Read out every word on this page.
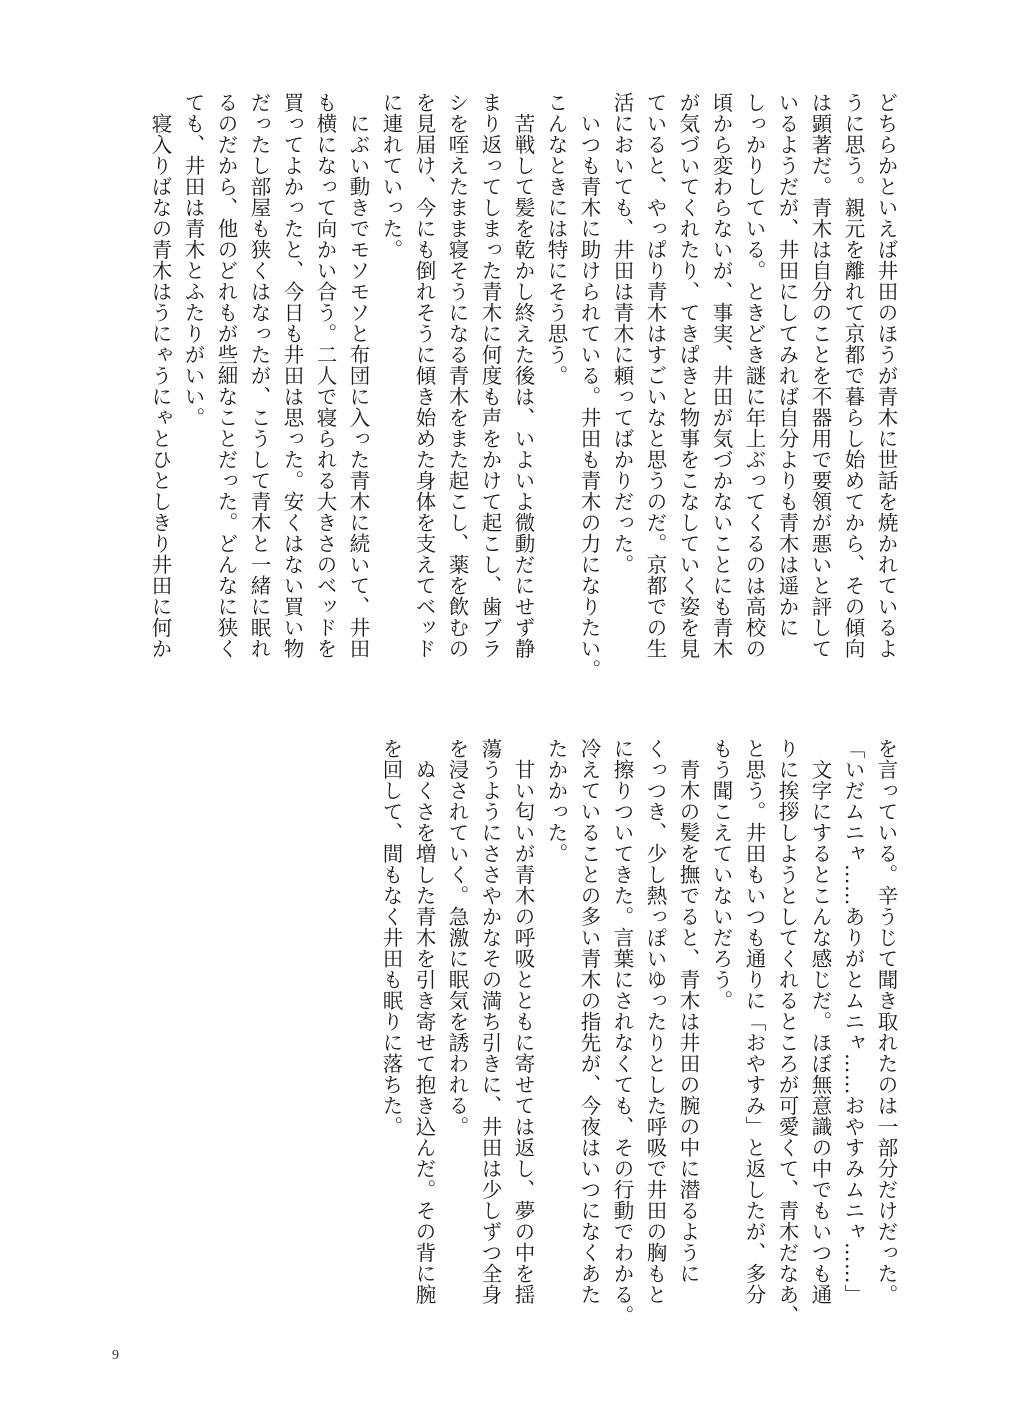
どちらかといえば井田のほうが青木に世話を焼かれているよ
うに思う。親元を離れて京都で暮らし始めてから、その傾向
は顕著だ。青木は自分のことを不器用で要領が悪いと評して
いるようだが、井田にしてみれば自分よりも青木は遥かに
しっかりしている。ときどき謎に年上ぶってくるのは高校の
頃から変わらないが、事実、井田が気づかないことにも青木
が気づいてくれたり、てきぱきと物事をこなしていく姿を見
ていると、やっぱり青木はすごいなと思うのだ。京都での生
活においても、井田は青木に頼ってばかりだった。
　いつも青木に助けられている。井田も青木の力になりたい。
こんなときには特にそう思う。
　苦戦して髪を乾かし終えた後は、いよいよ微動だにせず静
まり返ってしまった青木に何度も声をかけて起こし、歯ブラ
シを咥えたまま寝そうになる青木をまた起こし、薬を飲むの
を見届け、今にも倒れそうに傾き始めた身体を支えてベッド
に連れていった。
　にぶい動きでモソモソと布団に入った青木に続いて、井田
も横になって向かい合う。二人で寝られる大きさのベッドを
買ってよかったと、今日も井田は思った。安くはない買い物
だったし部屋も狭くはなったが、こうして青木と一緒に眠れ
るのだから、他のどれもが些細なことだった。どんなに狭く
ても、井田は青木とふたりがいい。
　寝入りばなの青木はうにゃうにゃとひとしきり井田に何か
を言っている。辛うじて聞き取れたのは一部分だけだった。
「いだムニャ……ありがとムニャ……おやすみムニャ……」
　文字にするとこんな感じだ。ほぼ無意識の中でもいつも通
りに挨拶しようとしてくれるところが可愛くて、青木だなあ、
と思う。井田もいつも通りに「おやすみ」と返したが、多分
もう聞こえていないだろう。
　青木の髪を撫でると、青木は井田の腕の中に潜るように
くっつき、少し熱っぽいゆったりとした呼吸で井田の胸もと
に擦りついてきた。言葉にされなくても、その行動でわかる。
冷えていることの多い青木の指先が、今夜はいつになくあた
たかかった。
　甘い匂いが青木の呼吸とともに寄せては返し、夢の中を揺
蕩うようにささやかなその満ち引きに、井田は少しずつ全身
を浸されていく。急激に眠気を誘われる。
　ぬくさを増した青木を引き寄せて抱き込んだ。その背に腕
を回して、間もなく井田も眠りに落ちた。
9
